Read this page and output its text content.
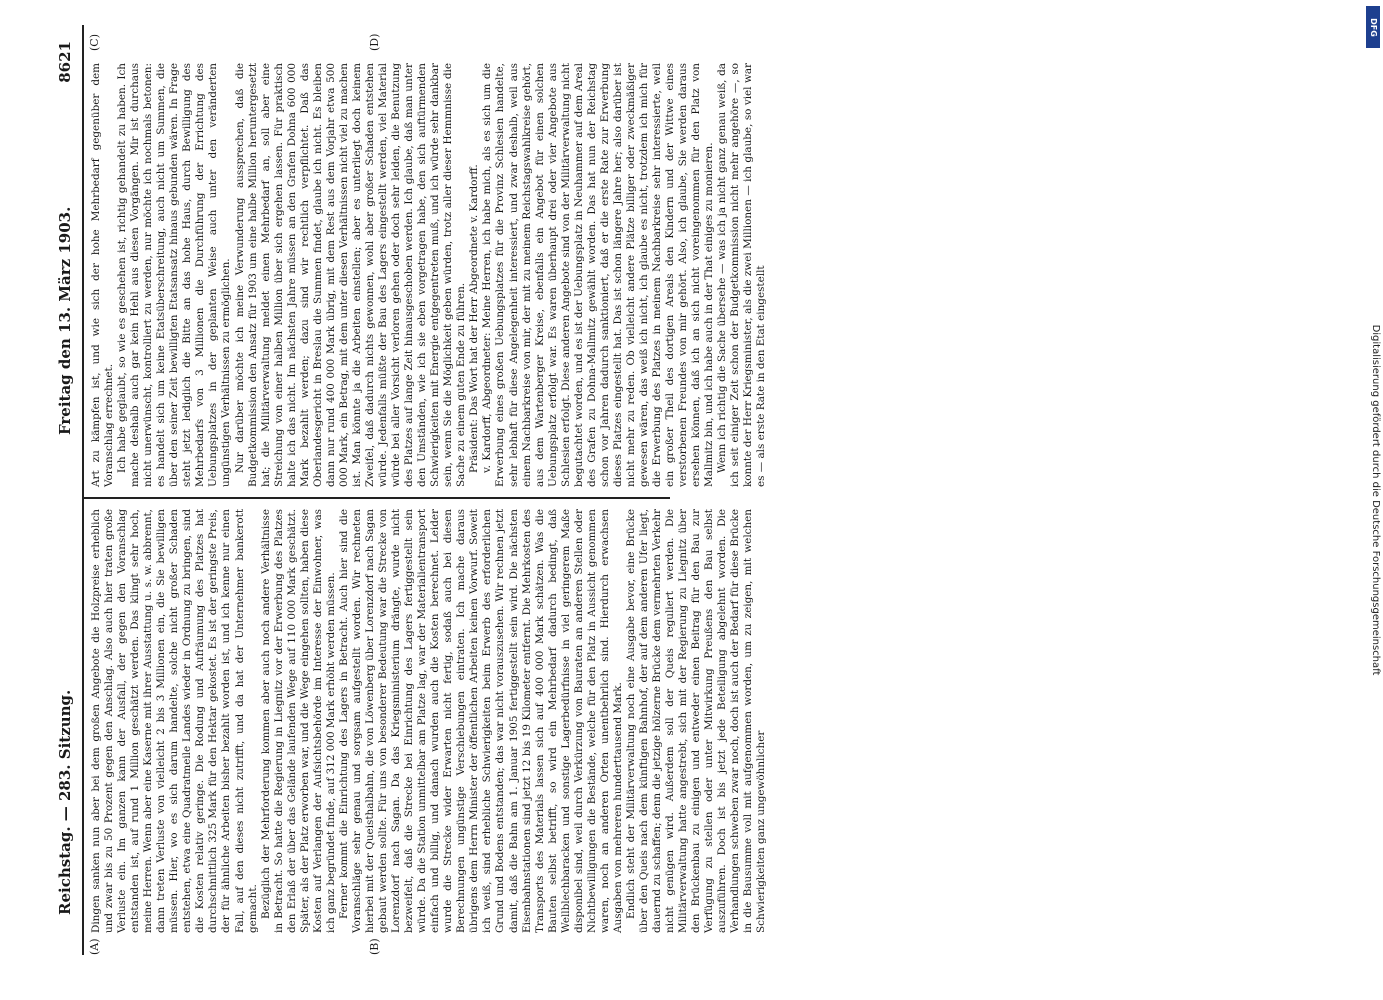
Reichstag. — 283. Sitzung.
Freitag den 13. März 1903.
8621
(A)	(B)
(C)	(D)

Dingen sanken nun aber bei dem großen Angebote die Holzpreise erheblich und zwar bis zu 50 Prozent gegen den Anschlag. Also auch hier traten große Verluste ein. Im ganzen kann der Ausfall, der gegen den Voranschlag entstanden ist, auf rund 1 Million geschätzt werden. Das klingt sehr hoch, meine Herren. Wenn aber eine Kaserne mit ihrer Ausstattung u. s. w. abbrennt, dann treten Verluste von vielleicht 2 bis 3 Millionen ein, die Sie bewilligen müssen. Hier, wo es sich darum handelte, solche nicht großer Schaden entstehen, etwa eine Quadratmeile Landes wieder in Ordnung zu bringen, sind die Kosten relativ geringe. Die Rodung und Aufräumung des Platzes hat durchschnittlich 325 Mark für den Hektar gekostet. Es ist der geringste Preis, der für ähnliche Arbeiten bisher bezahlt worden ist, und ich kenne nur einen Fall, auf den dieses nicht zutrifft, und da hat der Unternehmer bankerott gemacht. Bezüglich der Mehrforderung kommen aber auch noch andere Verhältnisse in Betracht. So hatte die Regierung in Liegnitz vor der Erwerbung des Platzes den Erlaß der über das Gelände laufenden Wege auf 110 000 Mark geschätzt. Später, als der Platz erworben war, und die Wege eingehen sollten, haben diese Kosten auf Verlangen der Aufsichtsbehörde im Interesse der Einwohner, was ich ganz begründet finde, auf 312 000 Mark erhöht werden müssen. Ferner kommt die Einrichtung des Lagers in Betracht. Auch hier sind die Voranschläge sehr genau und sorgsam aufgestellt worden. Wir rechneten hierbei mit der Queisthalbahn, die von Löwenberg über Lorenzdorf nach Sagan gebaut werden sollte. Für uns von besonderer Bedeutung war die Strecke von Lorenzdorf nach Sagan. Da das Kriegsministerium drängte, wurde nicht bezweifelt, daß die Strecke bei Einrichtung des Lagers fertiggestellt sein würde. Da die Station unmittelbar am Platze lag, war der Materialientransport einfach und billig, und danach wurden auch die Kosten berechnet. Leider wurde die Strecke wider Erwarten nicht fertig, sodaß auch bei diesen Berechnungen ungünstige Verschiebungen eintraten. Ich mache daraus übrigens dem Herrn Minister der öffentlichen Arbeiten keinen Vorwurf. Soweit ich weiß, sind erhebliche Schwierigkeiten beim Erwerb des erforderlichen Grund und Bodens entstanden; das war nicht vorauszusehen. Wir rechnen jetzt damit, daß die Bahn am 1. Januar 1905 fertiggestellt sein wird. Die nächsten Eisenbahnstationen sind jetzt 12 bis 19 Kilometer entfernt. Die Mehrkosten des Transports des Materials lassen sich auf 400 000 Mark schätzen. Was die Bauten selbst betrifft, so wird ein Mehrbedarf dadurch bedingt, daß Wellblechbaracken und sonstige Lagerbedürfnisse in viel geringerem Maße disponibel sind, weil durch Verkürzung von Bauraten an anderen Stellen oder Nichtbewilligungen die Bestände, welche für den Platz in Aussicht genommen waren, noch an anderen Orten unentbehrlich sind. Hierdurch erwachsen Ausgaben von mehreren hunderttausend Mark. Endlich steht der Militärverwaltung noch eine Ausgabe bevor, eine Brücke über den Queis nach dem künftigen Bahnhof, der auf dem anderen Ufer liegt, dauernd zu schaffen; denn die jetzige hölzerne Brücke dem vermehrten Verkehr nicht genügen wird. Außerdem soll der Queis reguliert werden. Die Militärverwaltung hatte angestrebt, sich mit der Regierung zu Liegnitz über den Brückenbau zu einigen und entweder einen Beitrag für den Bau zur Verfügung zu stellen oder unter Mitwirkung Preußens den Bau selbst auszuführen. Doch ist bis jetzt jede Beteiligung abgelehnt worden. Die Verhandlungen schweben zwar noch, doch ist auch der Bedarf für diese Brücke in die Bausumme voll mit aufgenommen worden, um zu zeigen, mit welchen Schwierigkeiten ganz ungewöhnlicher

Art zu kämpfen ist, und wie sich der hohe Mehrbedarf gegenüber dem Voranschlag errechnet. Ich habe geglaubt, so wie es geschehen ist, richtig gehandelt zu haben. Ich mache deshalb auch gar kein Hehl aus diesen Vorgängen. Mir ist durchaus nicht unerwünscht, kontrolliert zu werden, nur möchte ich nochmals betonen: es handelt sich um keine Etatsüberschreitung, auch nicht um Summen, die über den seiner Zeit bewilligten Etatsansatz hinaus gebunden wären. In Frage steht jetzt lediglich die Bitte an das hohe Haus, durch Bewilligung des Mehrbedarfs von 3 Millionen die Durchführung der Errichtung des Uebungsplatzes in der geplanten Weise auch unter den veränderten ungünstigen Verhältnissen zu ermöglichen. Nur darüber möchte ich meine Verwunderung aussprechen, daß die Budgetkommission den Ansatz für 1903 um eine halbe Million heruntergesetzt hat; die Militärverwaltung meldet einen Mehrbedarf an, soll aber eine Streichung von einer halben Million über sich ergehen lassen. Für praktisch halte ich das nicht. Im nächsten Jahre müssen an den Grafen Dohna 600 000 Mark bezahlt werden; dazu sind wir rechtlich verpflichtet. Daß das Oberlandesgericht in Breslau die Summen findet, glaube ich nicht. Es bleiben dann nur rund 400 000 Mark übrig, mit dem Rest aus dem Vorjahr etwa 500 000 Mark, ein Betrag, mit dem unter diesen Verhältnissen nicht viel zu machen ist. Man könnte ja die Arbeiten einstellen; aber es unterliegt doch keinem Zweifel, daß dadurch nichts gewonnen, wohl aber großer Schaden entstehen würde. Jedenfalls müßte der Bau des Lagers eingestellt werden, viel Material würde bei aller Vorsicht verloren gehen oder doch sehr leiden, die Benutzung des Platzes auf lange Zeit hinausgeschoben werden. Ich glaube, daß man unter den Umständen, wie ich sie eben vorgetragen habe, den sich auftürmenden Schwierigkeiten mit Energie entgegentreten muß, und ich würde sehr dankbar sein, wenn Sie die Möglichkeit geben würden, trotz aller dieser Hemmnisse die Sache zu einem guten Ende zu führen. Präsident: Das Wort hat der Herr Abgeordnete v. Kardorff. v. Kardorff, Abgeordneter: Meine Herren, ich habe mich, als es sich um die Erwerbung eines großen Uebungsplatzes für die Provinz Schlesien handelte, sehr lebhaft für diese Angelegenheit interessiert, und zwar deshalb, weil aus einem Nachbarkreise von mir, der mit zu meinem Reichstagswahlkreise gehört, aus dem Wartenberger Kreise, ebenfalls ein Angebot für einen solchen Uebungsplatz erfolgt war. Es waren überhaupt drei oder vier Angebote aus Schlesien erfolgt. Diese anderen Angebote sind von der Militärverwaltung nicht begutachtet worden, und es ist der Uebungsplatz in Neuhammer auf dem Areal des Grafen zu Dohna-Mallmitz gewählt worden. Das hat nun der Reichstag schon vor Jahren dadurch sanktioniert, daß er die erste Rate zur Erwerbung dieses Platzes eingestellt hat. Das ist schon längere Jahre her; also darüber ist nicht mehr zu reden. Ob vielleicht andere Plätze billiger oder zweckmäßiger gewesen wären, das weiß ich nicht, ich glaube es nicht, trotzdem ich mich für die Erwerbung des Platzes in meinem Nachbarkreise sehr interessierte, weil ein großer Theil des dortigen Areals den Kindern und der Wittwe eines verstorbenen Freundes von mir gehört. Also, ich glaube, Sie werden daraus ersehen können, daß ich an sich nicht voreingenommen für den Platz von Mallmitz bin, und ich habe auch in der That einiges zu monieren. Wenn ich richtig die Sache übersehe — was ich ja nicht ganz genau weiß, da ich seit einiger Zeit schon der Budgetkommission nicht mehr angehöre —, so konnte der Herr Kriegsminister, als die zwei Millionen — ich glaube, so viel war es — als erste Rate in den Etat eingestellt

DFG
Digitalisierung gefördert durch die Deutsche Forschungsgemeinschaft
